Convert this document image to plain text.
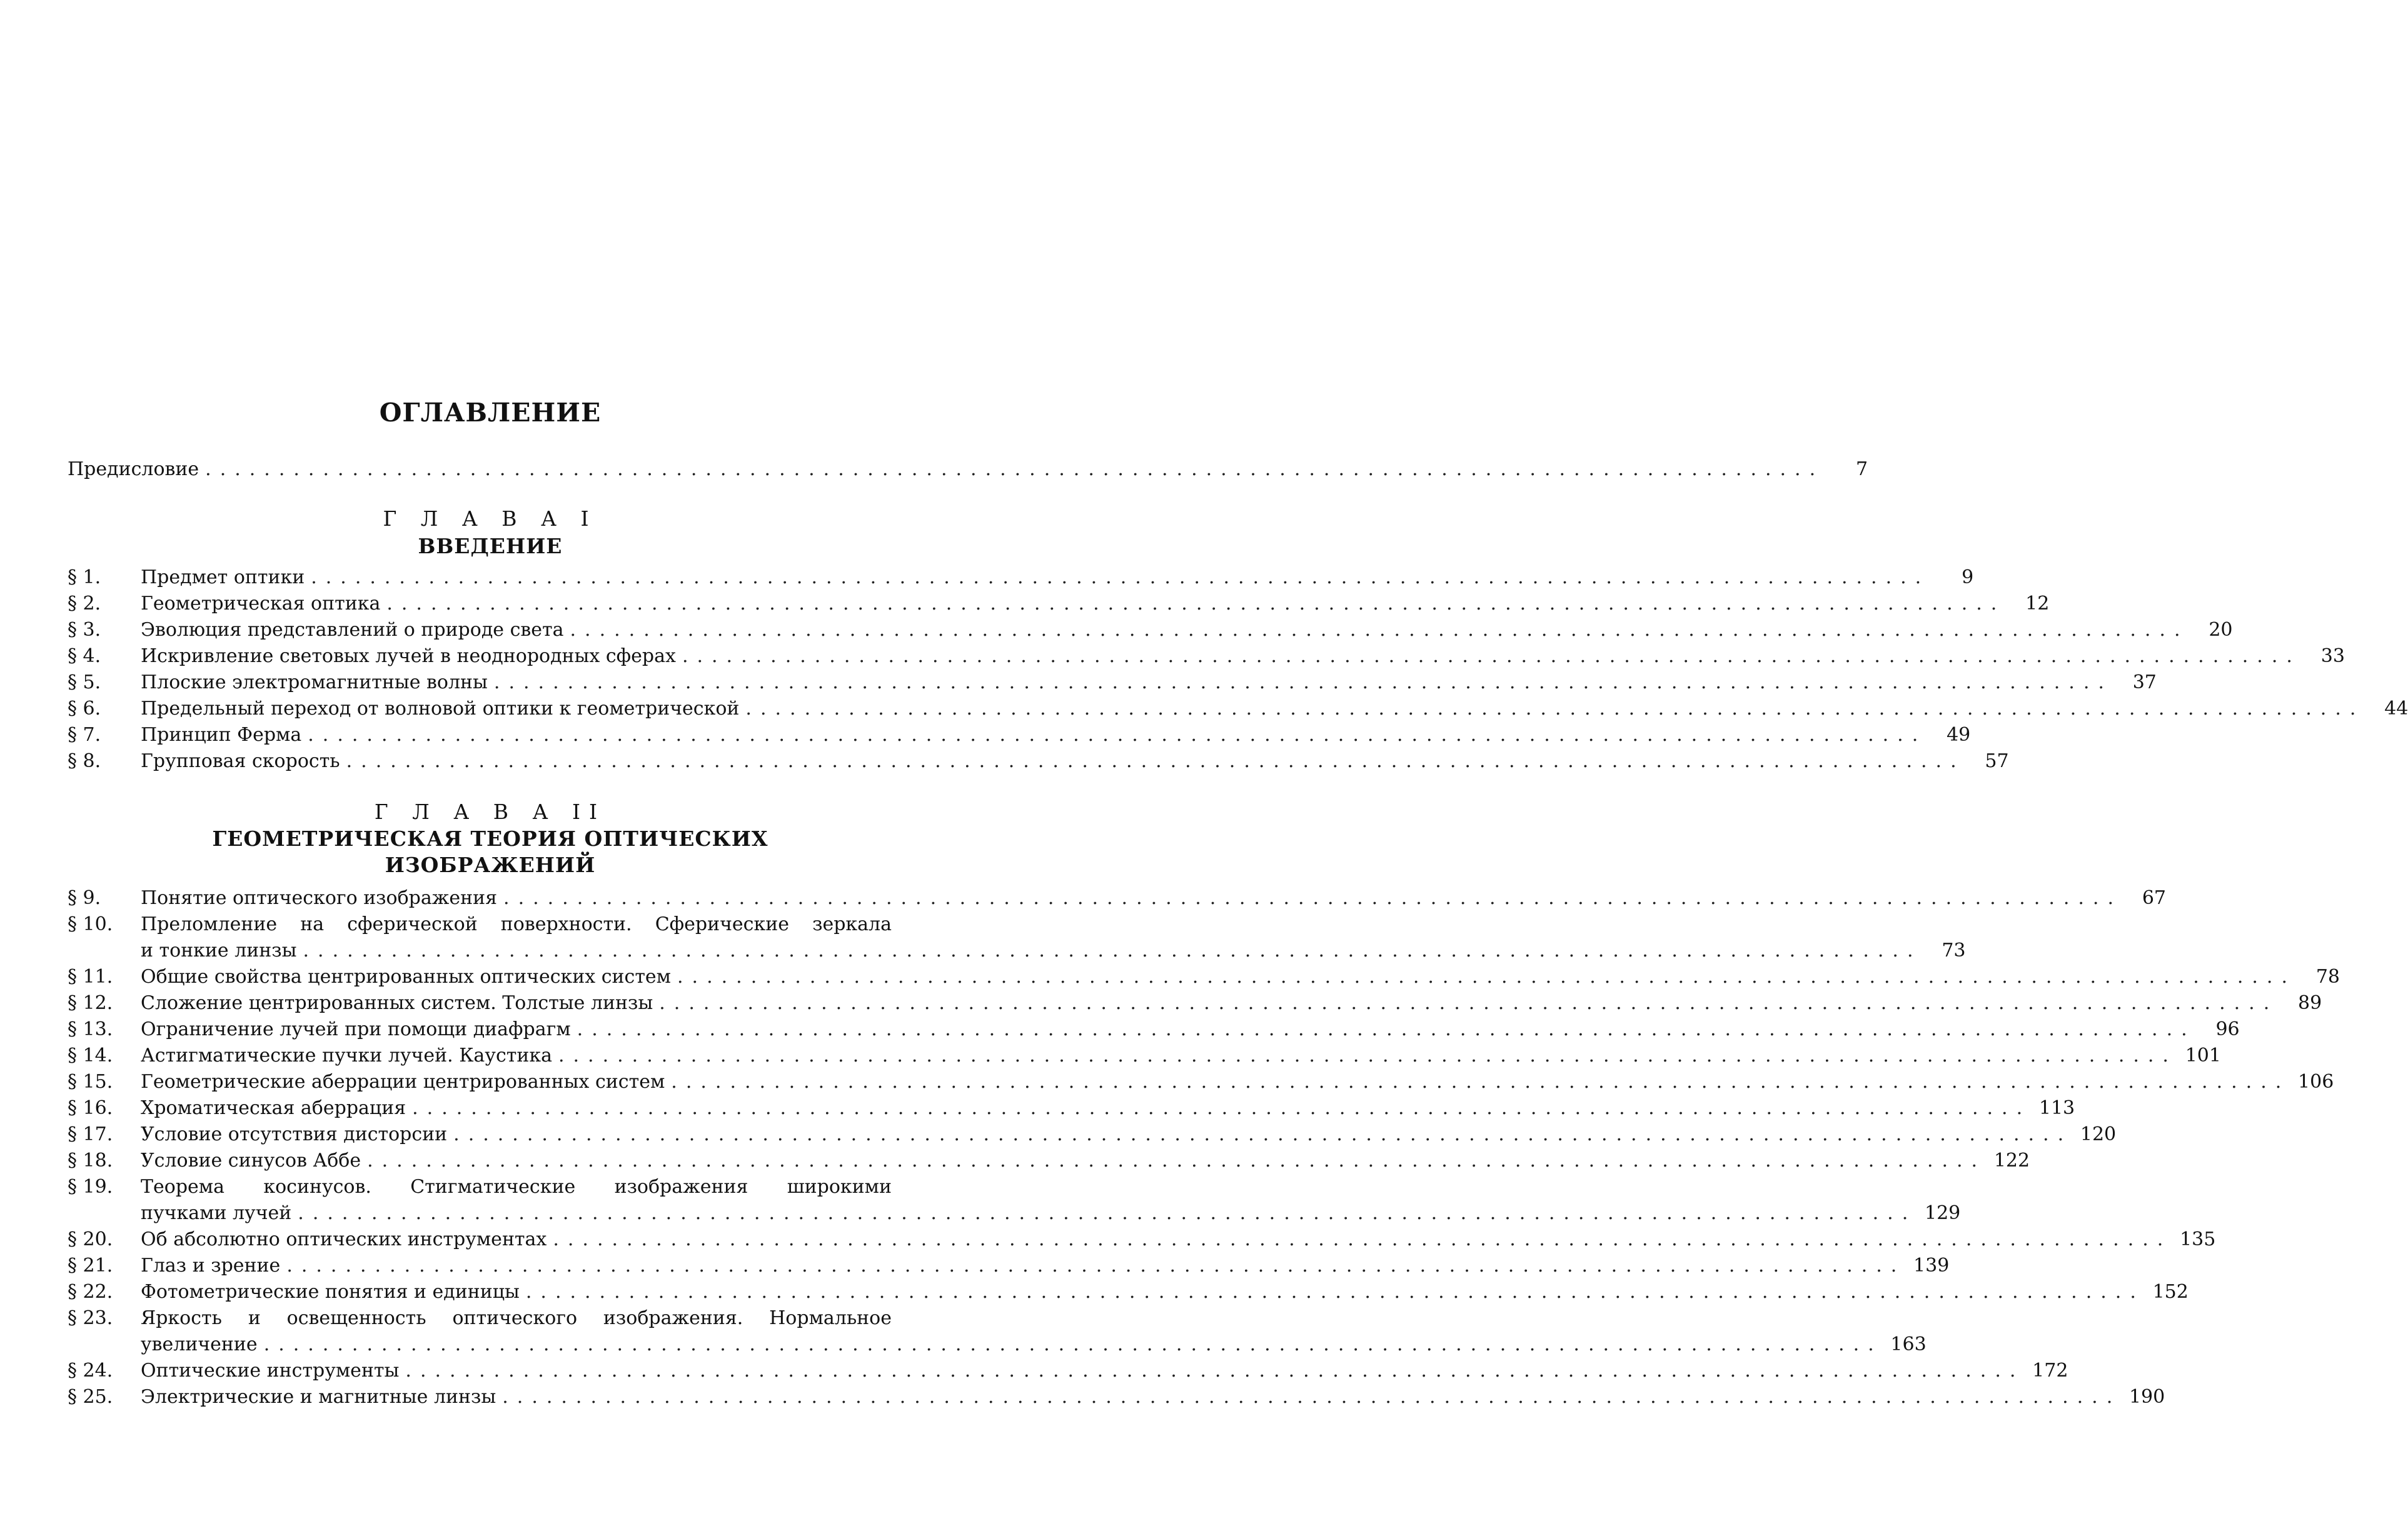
ОГЛАВЛЕНИЕ
Предисловие ..............................................................................................................	7
Г Л А В А I
ВВЕДЕНИЕ
§ 1.	Предмет оптики ..............................................................................................................	9
§ 2.	Геометрическая оптика ..............................................................................................................	12
§ 3.	Эволюция представлений о природе света ..............................................................................................................	20
§ 4.	Искривление световых лучей в неоднородных сферах ..............................................................................................................	33
§ 5.	Плоские электромагнитные волны ..............................................................................................................	37
§ 6.	Предельный переход от волновой оптики к геометрической ..............................................................................................................	44
§ 7.	Принцип Ферма ..............................................................................................................	49
§ 8.	Групповая скорость ..............................................................................................................	57
Г Л А В А II
ГЕОМЕТРИЧЕСКАЯ ТЕОРИЯ ОПТИЧЕСКИХ
ИЗОБРАЖЕНИЙ
§ 9.	Понятие оптического изображения ..............................................................................................................	67
§ 10.	Преломление на сферической поверхности. Сферические зеркала
и тонкие линзы ..............................................................................................................	73
§ 11.	Общие свойства центрированных оптических систем ..............................................................................................................	78
§ 12.	Сложение центрированных систем. Толстые линзы ..............................................................................................................	89
§ 13.	Ограничение лучей при помощи диафрагм ..............................................................................................................	96
§ 14.	Астигматические пучки лучей. Каустика .............................................................................................................. 101
§ 15.	Геометрические аберрации центрированных систем .............................................................................................................. 106
§ 16.	Хроматическая аберрация .............................................................................................................. 113
§ 17.	Условие отсутствия дисторсии .............................................................................................................. 120
§ 18.	Условие синусов Аббе .............................................................................................................. 122
§ 19.	Теорема косинусов. Стигматические изображения широкими
пучками лучей .............................................................................................................. 129
§ 20.	Об абсолютно оптических инструментах .............................................................................................................. 135
§ 21.	Глаз и зрение .............................................................................................................. 139
§ 22.	Фотометрические понятия и единицы .............................................................................................................. 152
§ 23.	Яркость и освещенность оптического изображения. Нормальное
увеличение .............................................................................................................. 163
§ 24.	Оптические инструменты .............................................................................................................. 172
§ 25.	Электрические и магнитные линзы .............................................................................................................. 190
